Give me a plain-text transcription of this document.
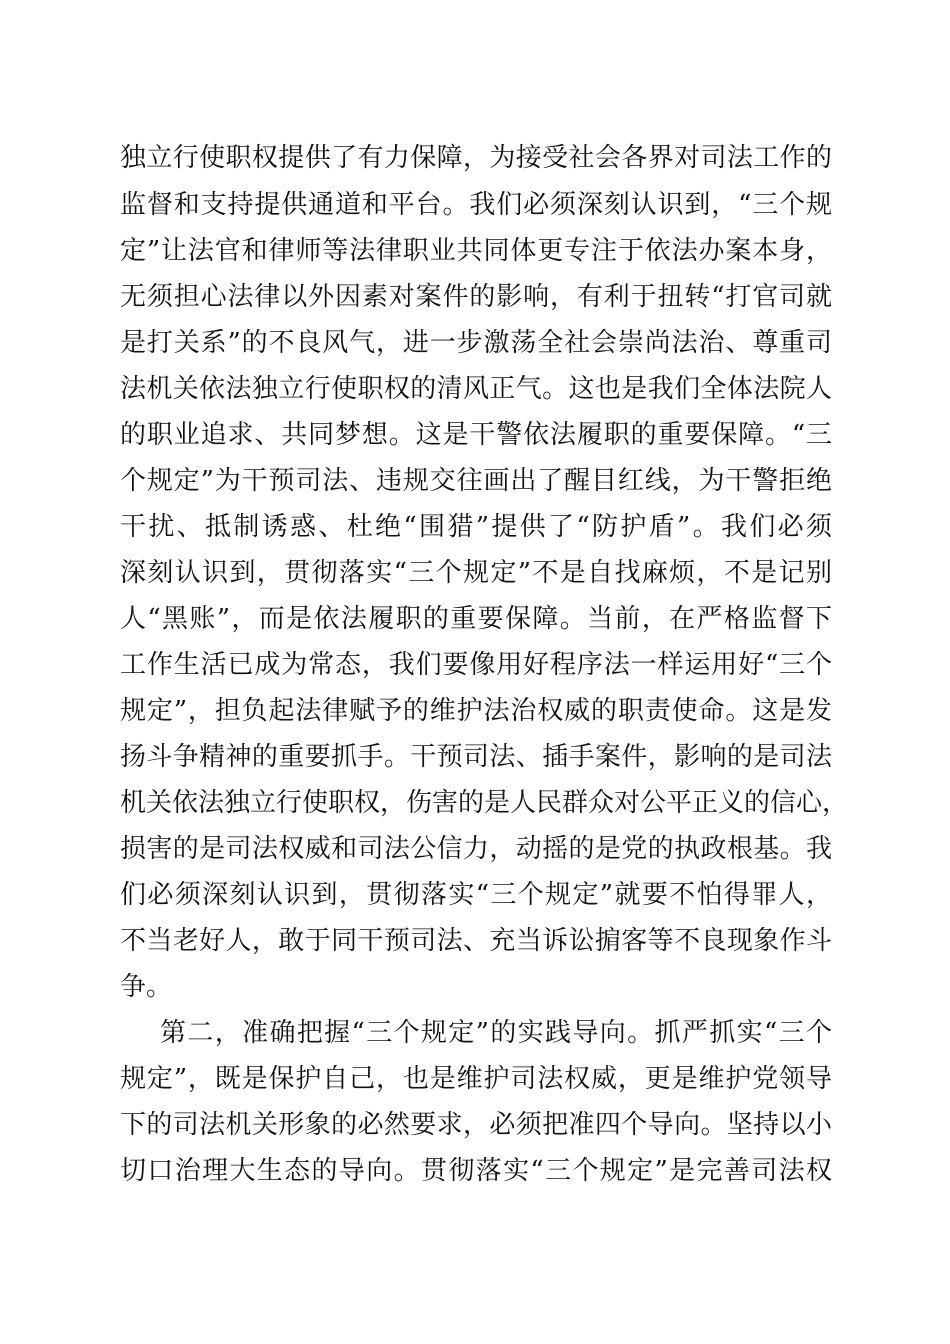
独立行使职权提供了有力保障，为接受社会各界对司法工作的
监督和支持提供通道和平台。我们必须深刻认识到，“三个规
定”让法官和律师等法律职业共同体更专注于依法办案本身，
无须担心法律以外因素对案件的影响，有利于扭转“打官司就
是打关系”的不良风气，进一步激荡全社会崇尚法治、尊重司
法机关依法独立行使职权的清风正气。这也是我们全体法院人
的职业追求、共同梦想。这是干警依法履职的重要保障。“三
个规定”为干预司法、违规交往画出了醒目红线，为干警拒绝
干扰、抵制诱惑、杜绝“围猎”提供了“防护盾”。我们必须
深刻认识到，贯彻落实“三个规定”不是自找麻烦，不是记别
人“黑账”，而是依法履职的重要保障。当前，在严格监督下
工作生活已成为常态，我们要像用好程序法一样运用好“三个
规定”，担负起法律赋予的维护法治权威的职责使命。这是发
扬斗争精神的重要抓手。干预司法、插手案件，影响的是司法
机关依法独立行使职权，伤害的是人民群众对公平正义的信心，
损害的是司法权威和司法公信力，动摇的是党的执政根基。我
们必须深刻认识到，贯彻落实“三个规定”就要不怕得罪人，
不当老好人，敢于同干预司法、充当诉讼掮客等不良现象作斗
争。
第二，准确把握“三个规定”的实践导向。抓严抓实“三个
规定”，既是保护自己，也是维护司法权威，更是维护党领导
下的司法机关形象的必然要求，必须把准四个导向。坚持以小
切口治理大生态的导向。贯彻落实“三个规定”是完善司法权
